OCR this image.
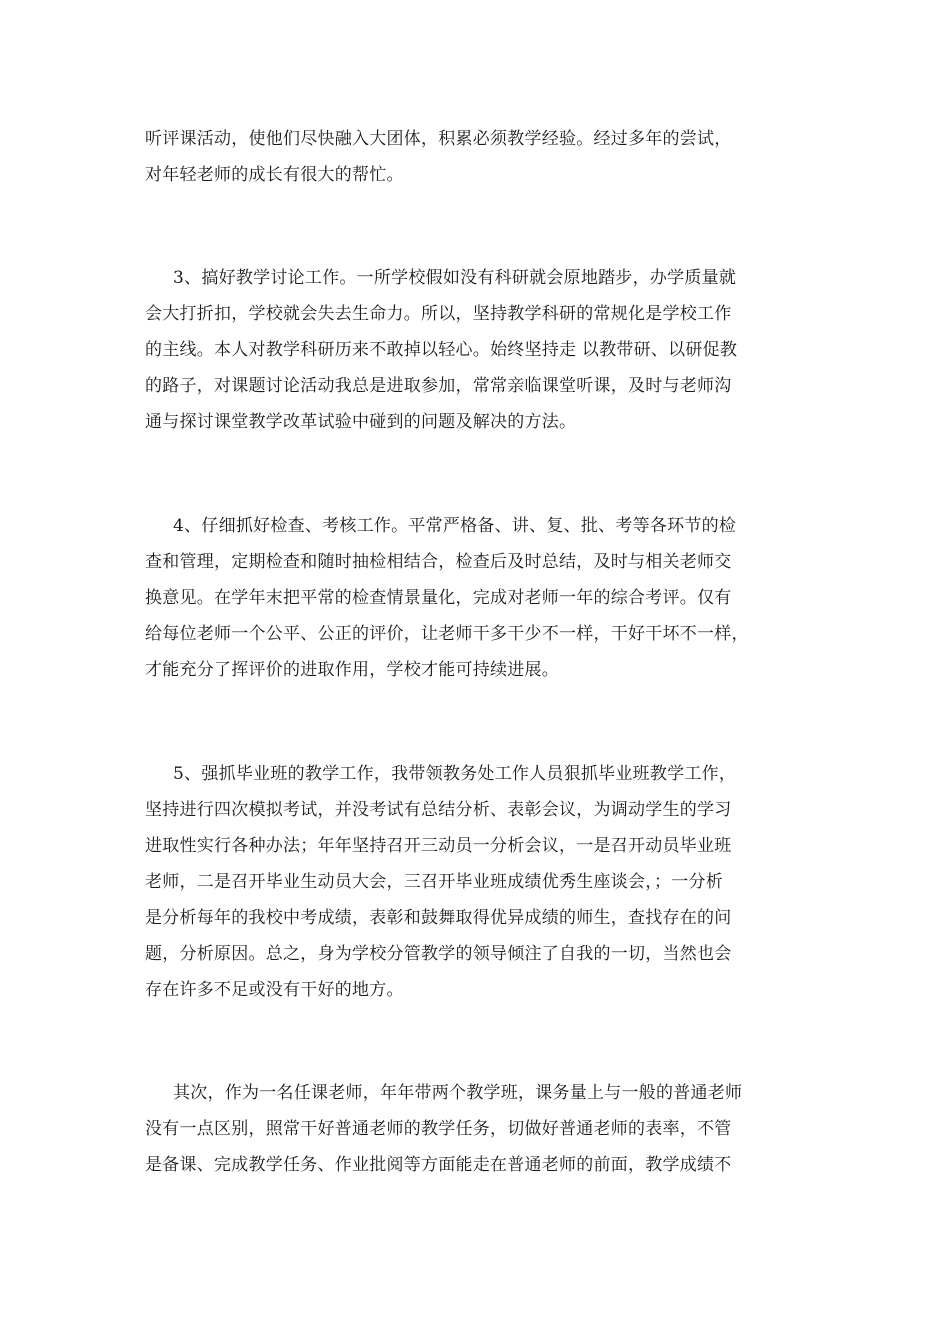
听评课活动，使他们尽快融入大团体，积累必须教学经验。经过多年的尝试，
对年轻老师的成长有很大的帮忙。
3、搞好教学讨论工作。一所学校假如没有科研就会原地踏步，办学质量就
会大打折扣，学校就会失去生命力。所以，坚持教学科研的常规化是学校工作
的主线。本人对教学科研历来不敢掉以轻心。始终坚持走 以教带研、以研促教
的路子，对课题讨论活动我总是进取参加，常常亲临课堂听课，及时与老师沟
通与探讨课堂教学改革试验中碰到的问题及解决的方法。
4、仔细抓好检查、考核工作。平常严格备、讲、复、批、考等各环节的检
查和管理，定期检查和随时抽检相结合，检查后及时总结，及时与相关老师交
换意见。在学年末把平常的检查情景量化，完成对老师一年的综合考评。仅有
给每位老师一个公平、公正的评价，让老师干多干少不一样，干好干坏不一样，
才能充分了挥评价的进取作用，学校才能可持续进展。
5、强抓毕业班的教学工作，我带领教务处工作人员狠抓毕业班教学工作，
坚持进行四次模拟考试，并没考试有总结分析、表彰会议，为调动学生的学习
进取性实行各种办法；年年坚持召开三动员一分析会议，一是召开动员毕业班
老师，二是召开毕业生动员大会，三召开毕业班成绩优秀生座谈会，；一分析
是分析每年的我校中考成绩，表彰和鼓舞取得优异成绩的师生，查找存在的问
题，分析原因。总之，身为学校分管教学的领导倾注了自我的一切，当然也会
存在许多不足或没有干好的地方。
其次，作为一名任课老师，年年带两个教学班，课务量上与一般的普通老师
没有一点区别，照常干好普通老师的教学任务，切做好普通老师的表率，不管
是备课、完成教学任务、作业批阅等方面能走在普通老师的前面，教学成绩不
